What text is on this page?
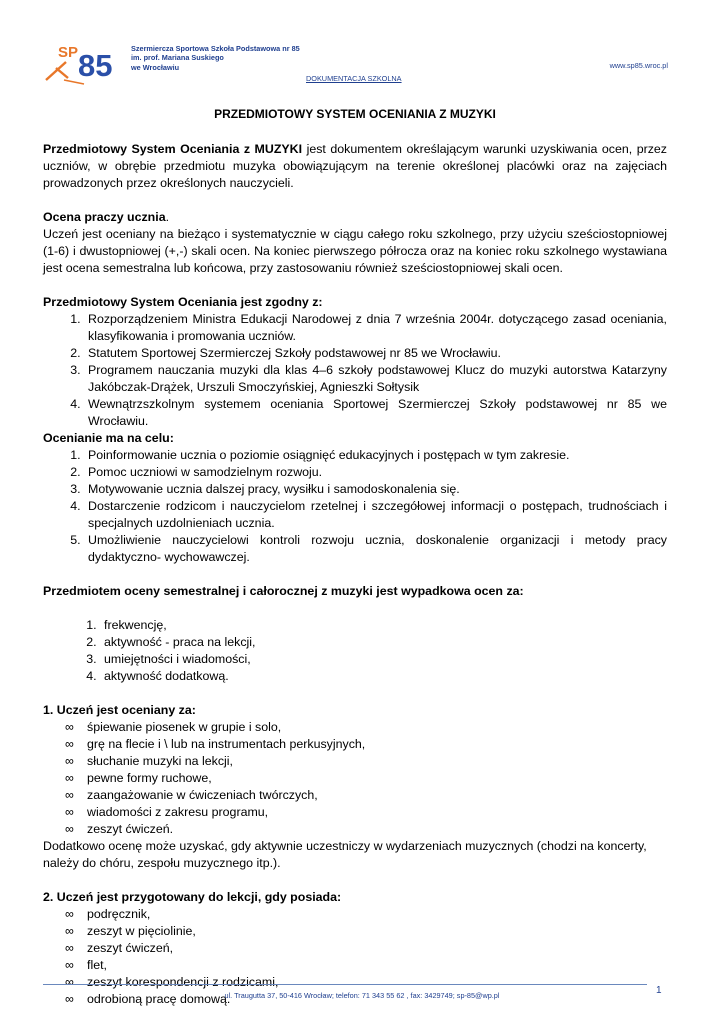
SP 85	Szermiercza Sportowa Szkoła Podstawowa nr 85
im. prof. Mariana Suskiego
we Wrocławiu	www.sp85.wroc.pl
DOKUMENTACJA SZKOLNA
PRZEDMIOTOWY SYSTEM OCENIANIA Z MUZYKI

Przedmiotowy System Oceniania z MUZYKI jest dokumentem określającym warunki uzyskiwania ocen, przez uczniów, w obrębie przedmiotu muzyka obowiązującym na terenie określonej placówki oraz na zajęciach prowadzonych przez określonych nauczycieli.

Ocena praczy ucznia.

Uczeń jest oceniany na bieżąco i systematycznie w ciągu całego roku szkolnego, przy użyciu sześciostopniowej (1-6) i dwustopniowej (+,-) skali ocen. Na koniec pierwszego półrocza oraz na koniec roku szkolnego wystawiana jest ocena semestralna lub końcowa, przy zastosowaniu również sześciostopniowej skali ocen.

Przedmiotowy System Oceniania jest zgodny z:

1. Rozporządzeniem Ministra Edukacji Narodowej z dnia 7 września 2004r. dotyczącego zasad oceniania, klasyfikowania i promowania uczniów.
2. Statutem Sportowej Szermierczej Szkoły podstawowej nr 85 we Wrocławiu.
3. Programem nauczania muzyki dla klas 4–6 szkoły podstawowej Klucz do muzyki autorstwa Katarzyny Jakóbczak-Drążek, Urszuli Smoczyńskiej, Agnieszki Sołtysik
4. Wewnątrzszkolnym systemem oceniania Sportowej Szermierczej Szkoły podstawowej nr 85 we Wrocławiu.

Ocenianie ma na celu:

1. Poinformowanie ucznia o poziomie osiągnięć edukacyjnych i postępach w tym zakresie.
2. Pomoc uczniowi w samodzielnym rozwoju.
3. Motywowanie ucznia dalszej pracy, wysiłku i samodoskonalenia się.
4. Dostarczenie rodzicom i nauczycielom rzetelnej i szczegółowej informacji o postępach, trudnościach i specjalnych uzdolnieniach ucznia.
5. Umożliwienie nauczycielowi kontroli rozwoju ucznia, doskonalenie organizacji i metody pracy dydaktyczno- wychowawczej.

Przedmiotem oceny semestralnej i całorocznej z muzyki jest wypadkowa ocen za:

1. frekwencję,
2. aktywność - praca na lekcji,
3. umiejętności i wiadomości,
4. aktywność dodatkową.

1. Uczeń jest oceniany za:

∞ śpiewanie piosenek w grupie i solo,
∞ grę na flecie i \ lub na instrumentach perkusyjnych,
∞ słuchanie muzyki na lekcji,
∞ pewne formy ruchowe,
∞ zaangażowanie w ćwiczeniach twórczych,
∞ wiadomości z zakresu programu,
∞ zeszyt ćwiczeń.

Dodatkowo ocenę może uzyskać, gdy aktywnie uczestniczy w wydarzeniach muzycznych (chodzi na koncerty, należy do chóru, zespołu muzycznego itp.).

2. Uczeń jest przygotowany do lekcji, gdy posiada:

∞ podręcznik,
∞ zeszyt w pięciolinie,
∞ zeszyt ćwiczeń,
∞ flet,
∞ zeszyt korespondencji z rodzicami,
∞ odrobioną pracę domową.
1
ul. Traugutta 37, 50-416 Wrocław; telefon: 71 343 55 62 , fax: 3429749; sp-85@wp.pl
